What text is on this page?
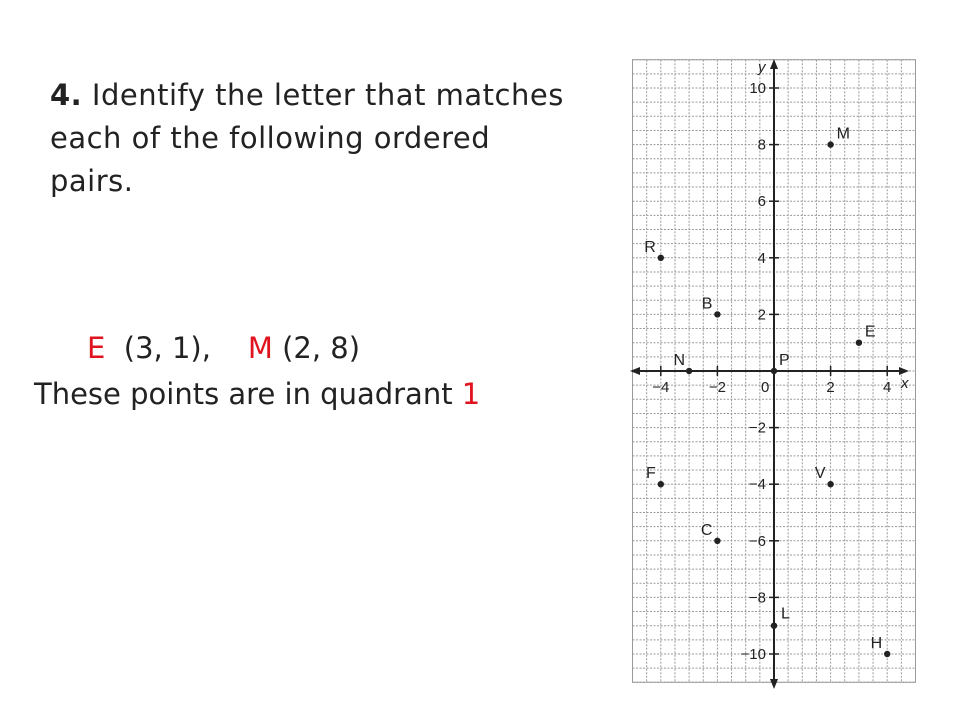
4. Identify the letter that matches each of the following ordered pairs.
E (3, 1), M (2, 8)
These points are in quadrant 1	x
y
−4	−2 0	2	4
10
8
6
4
2
−2
−4
−6
−8
−10
M
R
B
E
N	P
F	V
C
L
H
